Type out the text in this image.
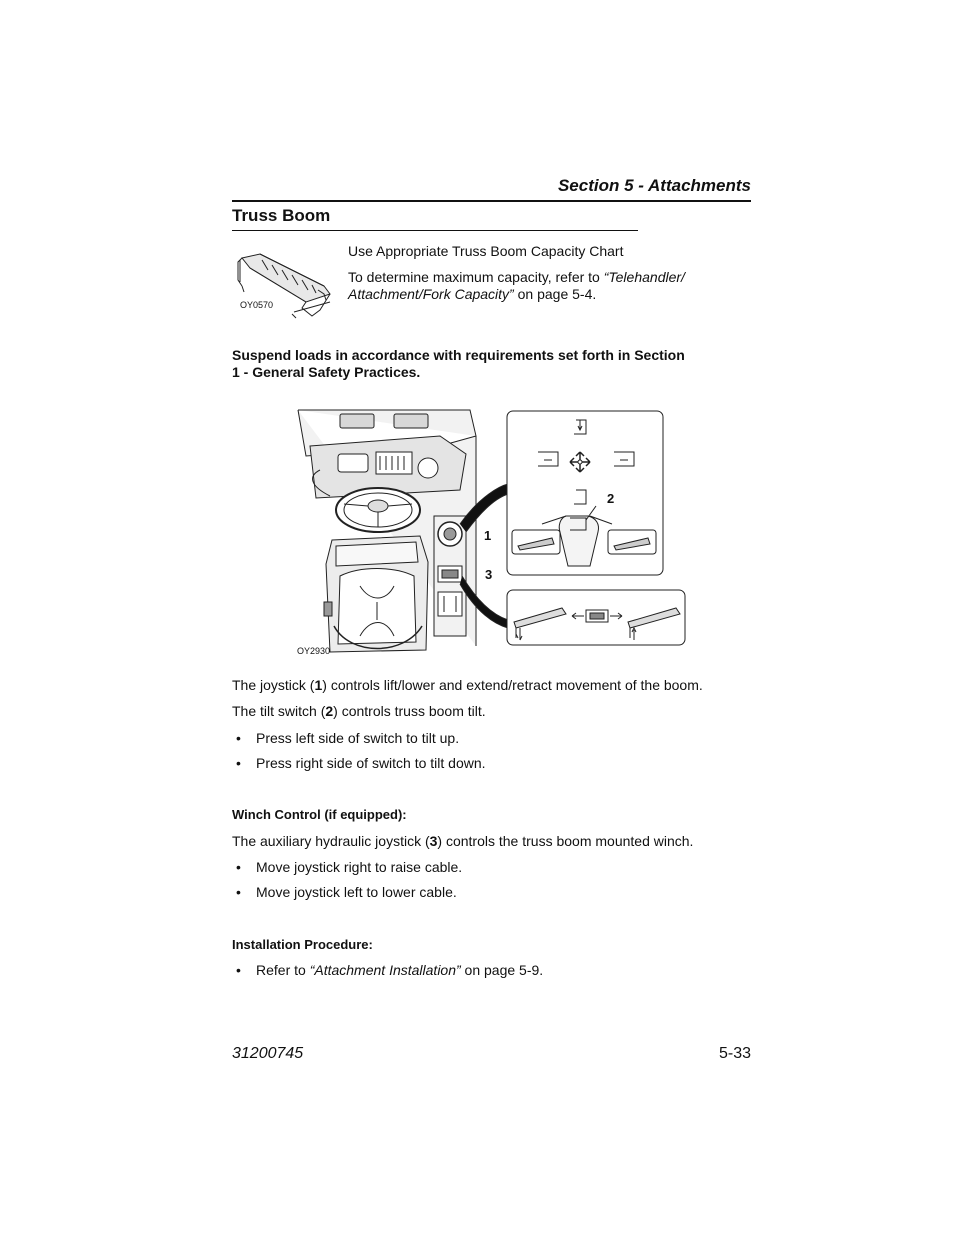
Section 5 - Attachments
Truss Boom
OY0570
Use Appropriate Truss Boom Capacity Chart
To determine maximum capacity, refer to “Telehandler/
Attachment/Fork Capacity” on page 5-4.
Suspend loads in accordance with requirements set forth in Section
1 - General Safety Practices.
1
2
3
OY2930
The joystick (1) controls lift/lower and extend/retract movement of the boom.
The tilt switch (2) controls truss boom tilt.
• Press left side of switch to tilt up.
• Press right side of switch to tilt down.
Winch Control (if equipped):
The auxiliary hydraulic joystick (3) controls the truss boom mounted winch.
• Move joystick right to raise cable.
• Move joystick left to lower cable.
Installation Procedure:
• Refer to “Attachment Installation” on page 5-9.
31200745	5-33
